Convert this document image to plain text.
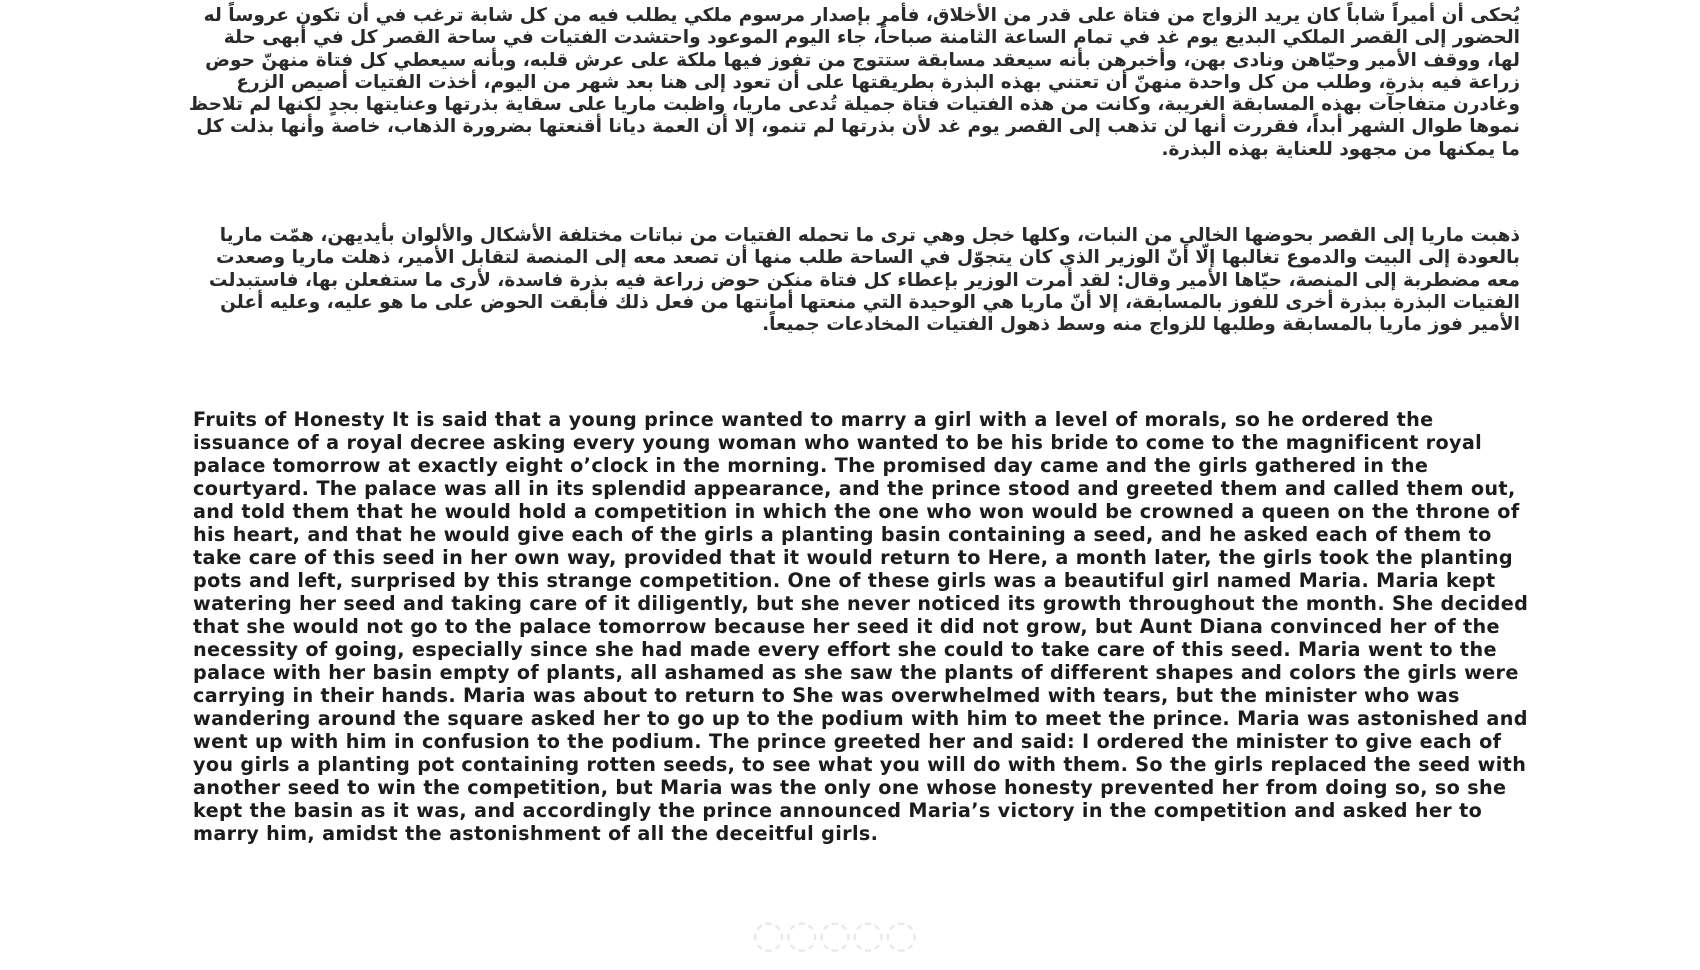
يُحكى أن أميراً شاباً كان يريد الزواج من فتاة على قدر من الأخلاق، فأمر بإصدار مرسوم ملكي يطلب فيه من كل شابة ترغب في أن تكون عروساً له الحضور إلى القصر الملكي البديع يوم غد في تمام الساعة الثامنة صباحاً، جاء اليوم الموعود واحتشدت الفتيات في ساحة القصر كل في أبهى حلة لها، ووقف الأمير وحيّاهن ونادى بهن، وأخبرهن بأنه سيعقد مسابقة ستتوج من تفوز فيها ملكة على عرش قلبه، وبأنه سيعطي كل فتاة منهنّ حوض زراعة فيه بذرة، وطلب من كل واحدة منهنّ أن تعتني بهذه البذرة بطريقتها على أن تعود إلى هنا بعد شهر من اليوم، أخذت الفتيات أصيص الزرع وغادرن متفاجآت بهذه المسابقة الغريبة، وكانت من هذه الفتيات فتاة جميلة تُدعى ماريا، واظبت ماريا على سقاية بذرتها وعنايتها بجدٍ لكنها لم تلاحظ نموها طوال الشهر أبداً، فقررت أنها لن تذهب إلى القصر يوم غد لأن بذرتها لم تنمو، إلا أن العمة ديانا أقنعتها بضرورة الذهاب، خاصة وأنها بذلت كل ما يمكنها من مجهود للعناية بهذه البذرة.

ذهبت ماريا إلى القصر بحوضها الخالي من النبات، وكلها خجل وهي ترى ما تحمله الفتيات من نباتات مختلفة الأشكال والألوان بأيديهن، همّت ماريا بالعودة إلى البيت والدموع تغالبها إلّا أنّ الوزير الذي كان يتجوّل في الساحة طلب منها أن تصعد معه إلى المنصة لتقابل الأمير، ذهلت ماريا وصعدت معه مضطربة إلى المنصة، حيّاها الأمير وقال: لقد أمرت الوزير بإعطاء كل فتاة منكن حوض زراعة فيه بذرة فاسدة، لأرى ما ستفعلن بها، فاستبدلت الفتيات البذرة ببذرة أخرى للفوز بالمسابقة، إلا أنّ ماريا هي الوحيدة التي منعتها أمانتها من فعل ذلك فأبقت الحوض على ما هو عليه، وعليه أعلن الأمير فوز ماريا بالمسابقة وطلبها للزواج منه وسط ذهول الفتيات المخادعات جميعاً.

Fruits of Honesty It is said that a young prince wanted to marry a girl with a level of morals, so he ordered the issuance of a royal decree asking every young woman who wanted to be his bride to come to the magnificent royal palace tomorrow at exactly eight o’clock in the morning. The promised day came and the girls gathered in the courtyard. The palace was all in its splendid appearance, and the prince stood and greeted them and called them out, and told them that he would hold a competition in which the one who won would be crowned a queen on the throne of his heart, and that he would give each of the girls a planting basin containing a seed, and he asked each of them to take care of this seed in her own way, provided that it would return to Here, a month later, the girls took the planting pots and left, surprised by this strange competition. One of these girls was a beautiful girl named Maria. Maria kept watering her seed and taking care of it diligently, but she never noticed its growth throughout the month. She decided that she would not go to the palace tomorrow because her seed it did not grow, but Aunt Diana convinced her of the necessity of going, especially since she had made every effort she could to take care of this seed. Maria went to the palace with her basin empty of plants, all ashamed as she saw the plants of different shapes and colors the girls were carrying in their hands. Maria was about to return to She was overwhelmed with tears, but the minister who was wandering around the square asked her to go up to the podium with him to meet the prince. Maria was astonished and went up with him in confusion to the podium. The prince greeted her and said: I ordered the minister to give each of you girls a planting pot containing rotten seeds, to see what you will do with them. So the girls replaced the seed with another seed to win the competition, but Maria was the only one whose honesty prevented her from doing so, so she kept the basin as it was, and accordingly the prince announced Maria’s victory in the competition and asked her to marry him, amidst the astonishment of all the deceitful girls.

◌◌◌◌◌
